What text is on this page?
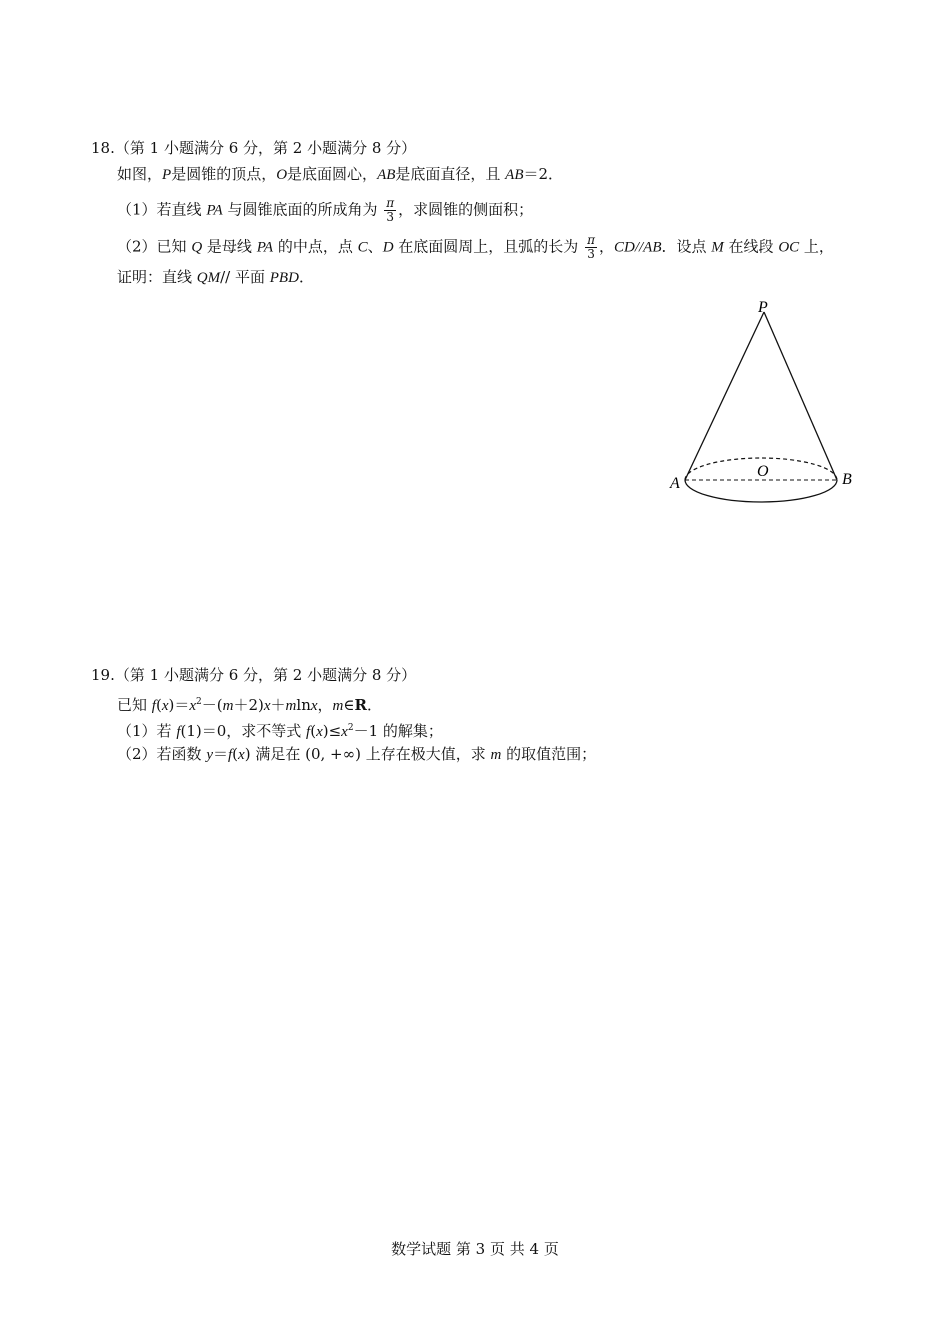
18.（第 1 小题满分 6 分，第 2 小题满分 8 分）
如图，P是圆锥的顶点，O是底面圆心，AB是底面直径，且 AB＝2．
（1）若直线 PA 与圆锥底面的所成角为 $\frac{\pi}{3}$ ，求圆锥的侧面积；
（2）已知 Q 是母线 PA 的中点，点 C、D 在底面圆周上，且弧的长为 $\frac{\pi}{3}$ ，CD//AB．设点 M 在线段 OC 上，
证明：直线 QM// 平面 PBD．
P
A
O	B
19.（第 1 小题满分 6 分，第 2 小题满分 8 分）
已知 $f(x)=x^2-(m+2)x+mlnx$，m∈R．
（1）若 f(1)＝0，求不等式 $f(x)\le x^2-1$ 的解集；
（2）若函数 y＝f(x) 满足在 (0, +∞) 上存在极大值，求 m 的取值范围；
数学试题 第 3 页 共 4 页
